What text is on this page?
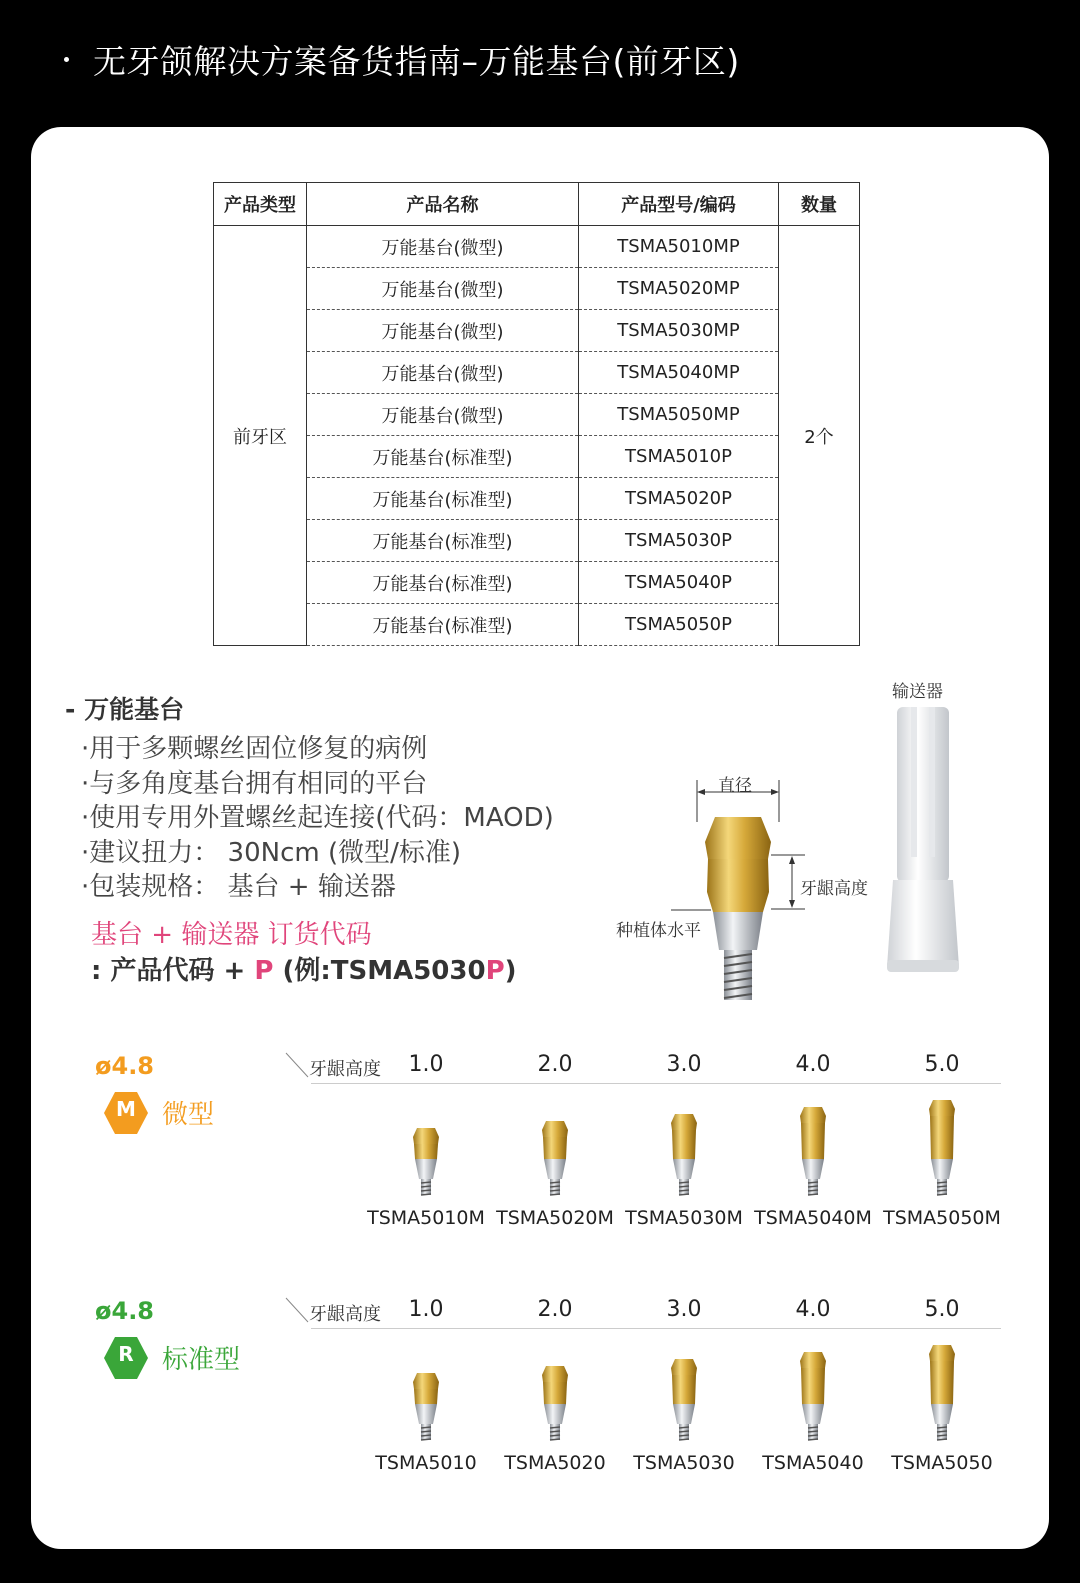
无牙颌解决方案备货指南–万能基台(前牙区)
产品类型	产品名称	产品型号/编码	数量
前牙区	万能基台(微型)	TSMA5010MP	2个
	万能基台(微型)	TSMA5020MP	
	万能基台(微型)	TSMA5030MP	
	万能基台(微型)	TSMA5040MP	
	万能基台(微型)	TSMA5050MP	
	万能基台(标准型)	TSMA5010P	
	万能基台(标准型)	TSMA5020P	
	万能基台(标准型)	TSMA5030P	
	万能基台(标准型)	TSMA5040P	
	万能基台(标准型)	TSMA5050P	
- 万能基台
·用于多颗螺丝固位修复的病例
·与多角度基台拥有相同的平台
·使用专用外置螺丝起连接(代码：MAOD)
·建议扭力： 30Ncm (微型/标准)
·包装规格： 基台 + 输送器
基台 + 输送器 订货代码
: 产品代码 + P (例:TSMA5030P)
输送器
直径
牙龈高度
种植体水平
ø4.8
M	微型
牙龈高度	1.0	2.0	3.0	4.0	5.0
TSMA5010M TSMA5020M TSMA5030M TSMA5040M TSMA5050M
ø4.8
R	标准型
牙龈高度	1.0	2.0	3.0	4.0	5.0
TSMA5010	TSMA5020	TSMA5030	TSMA5040	TSMA5050
